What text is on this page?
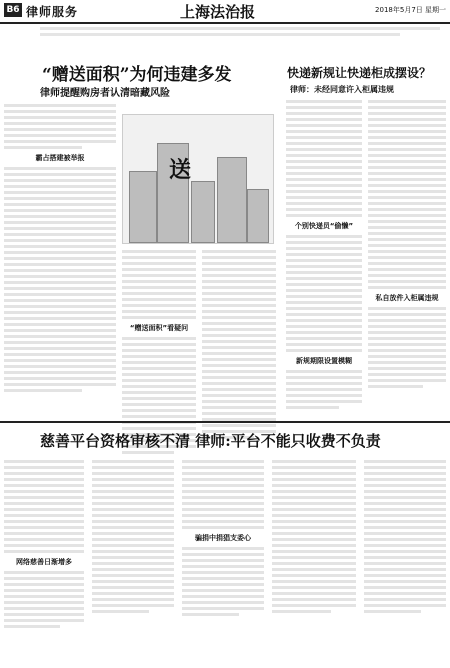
B6 律师服务	上海法治报	2018年5月7日 星期一
“赠送面积”为何违建多发
律师提醒购房者认清暗藏风险
快递新规让快递柜成摆设？
律师：未经同意许入柜属违规
霸占搭建被举报	送
“赠送面积”看疑问
个别快递员“偷懒”
新规期限设置模糊
私自放件入柜属违规
慈善平台资格审核不清 律师:平台不能只收费不负责
网络慈善日渐增多
骗捐中捐猖支委心
